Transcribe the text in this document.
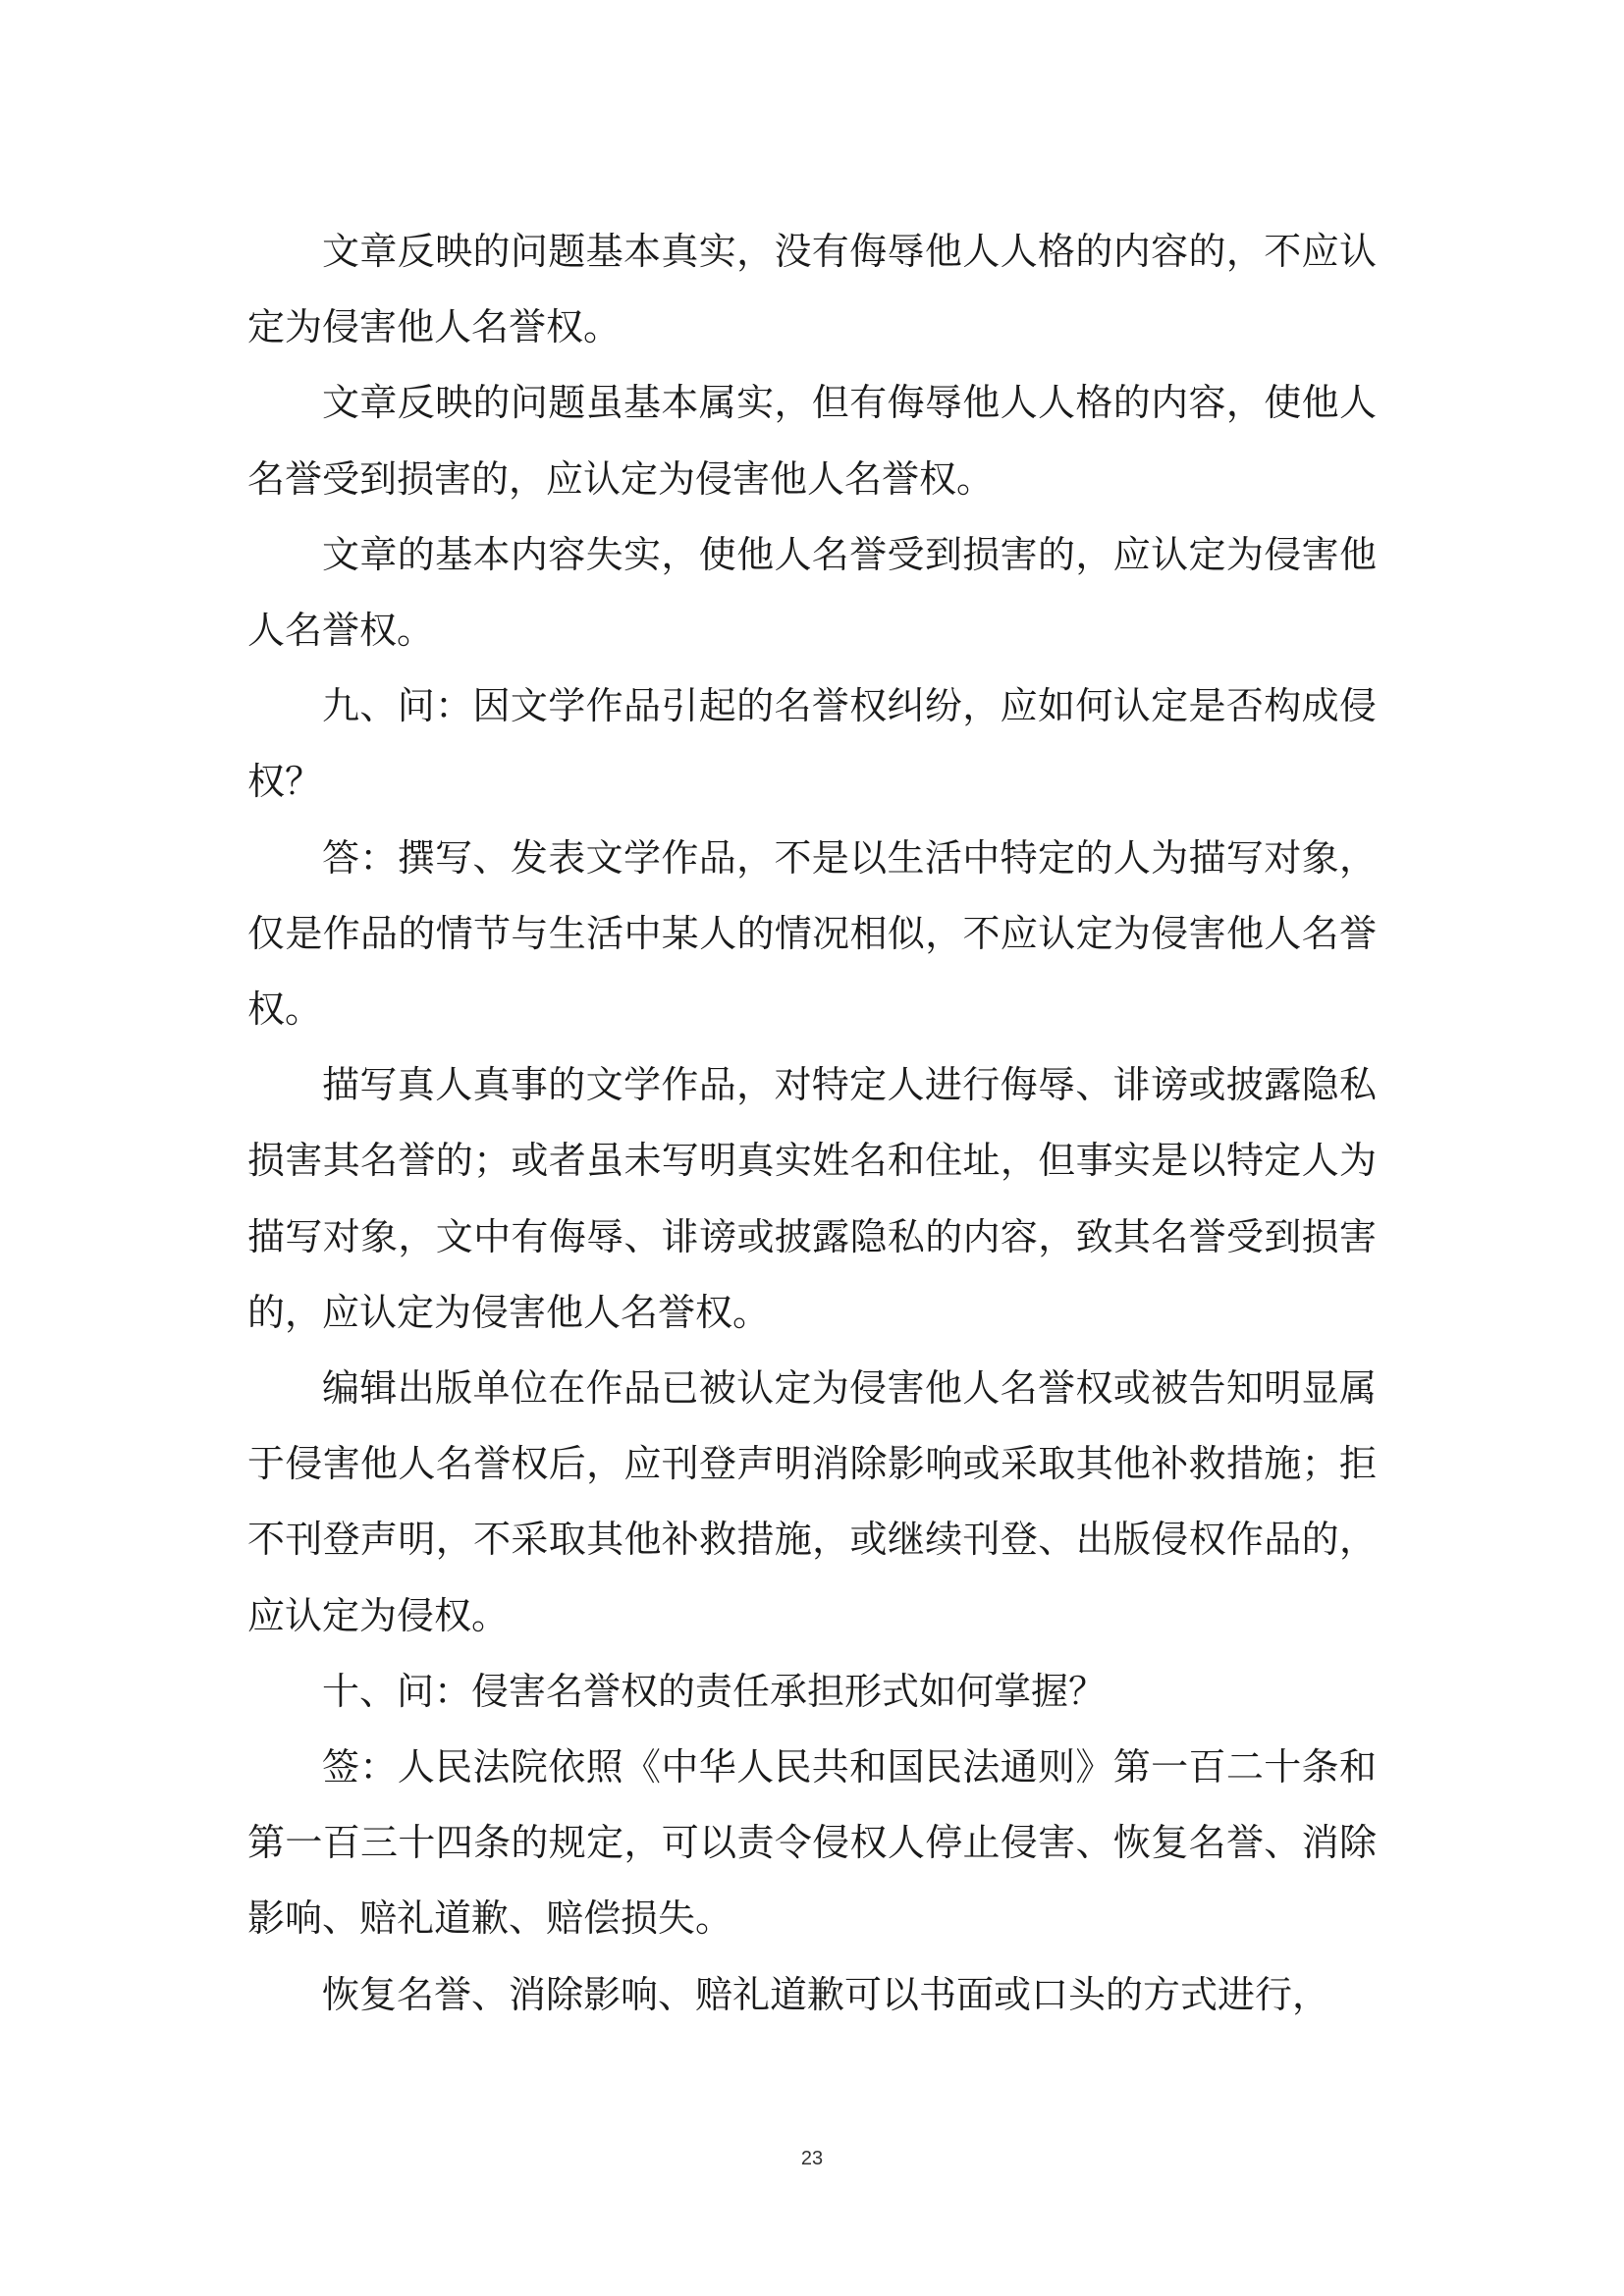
文章反映的问题基本真实，没有侮辱他人人格的内容的，不应认定为侵害他人名誉权。

文章反映的问题虽基本属实，但有侮辱他人人格的内容，使他人名誉受到损害的，应认定为侵害他人名誉权。

文章的基本内容失实，使他人名誉受到损害的，应认定为侵害他人名誉权。

九、问：因文学作品引起的名誉权纠纷，应如何认定是否构成侵权？

答：撰写、发表文学作品，不是以生活中特定的人为描写对象，仅是作品的情节与生活中某人的情况相似，不应认定为侵害他人名誉权。

描写真人真事的文学作品，对特定人进行侮辱、诽谤或披露隐私损害其名誉的；或者虽未写明真实姓名和住址，但事实是以特定人为描写对象，文中有侮辱、诽谤或披露隐私的内容，致其名誉受到损害的，应认定为侵害他人名誉权。

编辑出版单位在作品已被认定为侵害他人名誉权或被告知明显属于侵害他人名誉权后，应刊登声明消除影响或采取其他补救措施；拒不刊登声明，不采取其他补救措施，或继续刊登、出版侵权作品的，应认定为侵权。

十、问：侵害名誉权的责任承担形式如何掌握？

签：人民法院依照《中华人民共和国民法通则》第一百二十条和第一百三十四条的规定，可以责令侵权人停止侵害、恢复名誉、消除影响、赔礼道歉、赔偿损失。

恢复名誉、消除影响、赔礼道歉可以书面或口头的方式进行，

23
